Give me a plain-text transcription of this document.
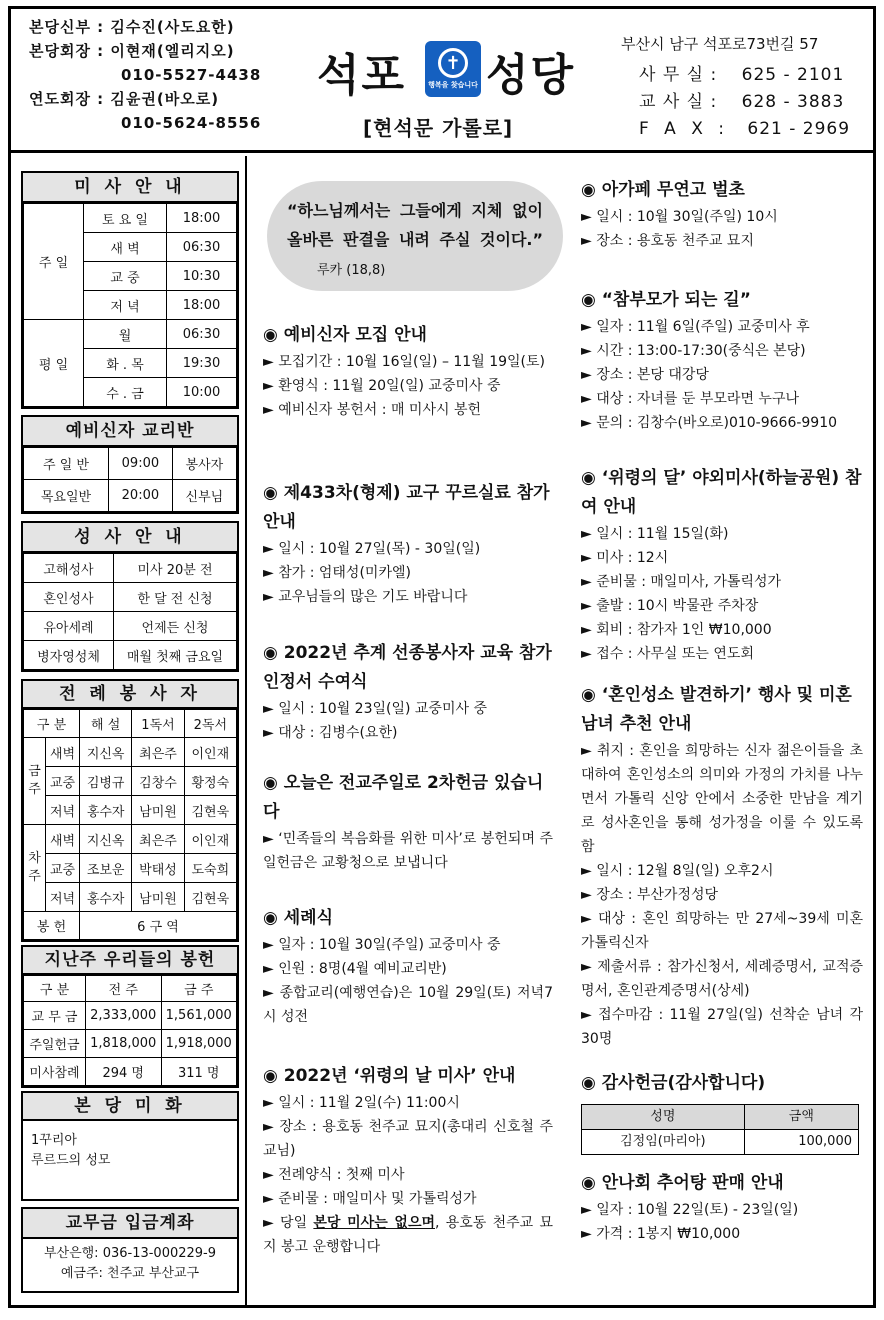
본당신부 : 김수진(사도요한)
본당회장 : 이현재(엘리지오)
010-5527-4438
연도회장 : 김윤권(바오로)
010-5624-8556
석포 성당
✝
행복을 찾습니다
[현석문 가롤로]
부산시 남구 석포로73번길 57
사 무 실 : 625 - 2101
교 사 실 : 628 - 3883
F A X : 621 - 2969
미 사 안 내
주 일	토 요 일	18:00
	새 벽	06:30
	교 중	10:30
	저 녁	18:00
평 일	월	06:30
	화 . 목	19:30
	수 . 금	10:00
예비신자 교리반
주 일 반	09:00	봉사자
목요일반	20:00	신부님
성 사 안 내
고해성사	미사 20분 전
혼인성사	한 달 전 신청
유아세례	언제든 신청
병자영성체	매월 첫째 금요일
전 례 봉 사 자
구 분		해 설	1독서	2독서
금주	새벽	지신옥	최은주	이인재
	교중	김병규	김창수	황정숙
	저녁	홍수자	남미원	김현욱
차주	새벽	지신옥	최은주	이인재
	교중	조보운	박태성	도숙희
	저녁	홍수자	남미원	김현욱
봉 헌		6 구 역		
지난주 우리들의 봉헌
구 분	전 주	금 주
교 무 금	2,333,000	1,561,000
주일헌금	1,818,000	1,918,000
미사참례	294 명	311 명
본 당 미 화
1꾸리아
루르드의 성모
교무금 입금계좌
부산은행: 036-13-000229-9
예금주: 천주교 부산교구
“하느님께서는 그들에게 지체 없이 올바른 판결을 내려 주실 것이다.” 루카 (18,8)
◉ 예비신자 모집 안내
► 모집기간 : 10월 16일(일) – 11월 19일(토)
► 환영식 : 11월 20일(일) 교중미사 중
► 예비신자 봉헌서 : 매 미사시 봉헌
◉ 제433차(형제) 교구 꾸르실료 참가 안내
► 일시 : 10월 27일(목) - 30일(일)
► 참가 : 엄태성(미카엘)
► 교우님들의 많은 기도 바랍니다
◉ 2022년 추계 선종봉사자 교육 참가 인정서 수여식
► 일시 : 10월 23일(일) 교중미사 중
► 대상 : 김병수(요한)
◉ 오늘은 전교주일로 2차헌금 있습니다
► ‘민족들의 복음화를 위한 미사’로 봉헌되며 주일헌금은 교황청으로 보냅니다
◉ 세례식
► 일자 : 10월 30일(주일) 교중미사 중
► 인원 : 8명(4월 예비교리반)
► 종합교리(예행연습)은 10월 29일(토) 저녁7시 성전
◉ 2022년 ‘위령의 날 미사’ 안내
► 일시 : 11월 2일(수) 11:00시
► 장소 : 용호동 천주교 묘지(총대리 신호철 주교님)
► 전례양식 : 첫째 미사
► 준비물 : 매일미사 및 가톨릭성가
► 당일 본당 미사는 없으며, 용호동 천주교 묘지 봉고 운행합니다
◉ 아가페 무연고 벌초
► 일시 : 10월 30일(주일) 10시
► 장소 : 용호동 천주교 묘지
◉ “참부모가 되는 길”
► 일자 : 11월 6일(주일) 교중미사 후
► 시간 : 13:00-17:30(중식은 본당)
► 장소 : 본당 대강당
► 대상 : 자녀를 둔 부모라면 누구나
► 문의 : 김창수(바오로)010-9666-9910
◉ ‘위령의 달’ 야외미사(하늘공원) 참여 안내
► 일시 : 11월 15일(화)
► 미사 : 12시
► 준비물 : 매일미사, 가톨릭성가
► 출발 : 10시 박물관 주차장
► 회비 : 참가자 1인 ₩10,000
► 접수 : 사무실 또는 연도회
◉ ‘혼인성소 발견하기’ 행사 및 미혼 남녀 추천 안내
► 취지 : 혼인을 희망하는 신자 젊은이들을 초대하여 혼인성소의 의미와 가정의 가치를 나누면서 가톨릭 신앙 안에서 소중한 만남을 계기로 성사혼인을 통해 성가정을 이룰 수 있도록 함
► 일시 : 12월 8일(일) 오후2시
► 장소 : 부산가정성당
► 대상 : 혼인 희망하는 만 27세~39세 미혼 가톨릭신자
► 제출서류 : 참가신청서, 세례증명서, 교적증명서, 혼인관계증명서(상세)
► 접수마감 : 11월 27일(일) 선착순 남녀 각30명
◉ 감사헌금(감사합니다)
성명	금액
김정임(마리아)	100,000
◉ 안나회 추어탕 판매 안내
► 일자 : 10월 22일(토) - 23일(일)
► 가격 : 1봉지 ₩10,000
